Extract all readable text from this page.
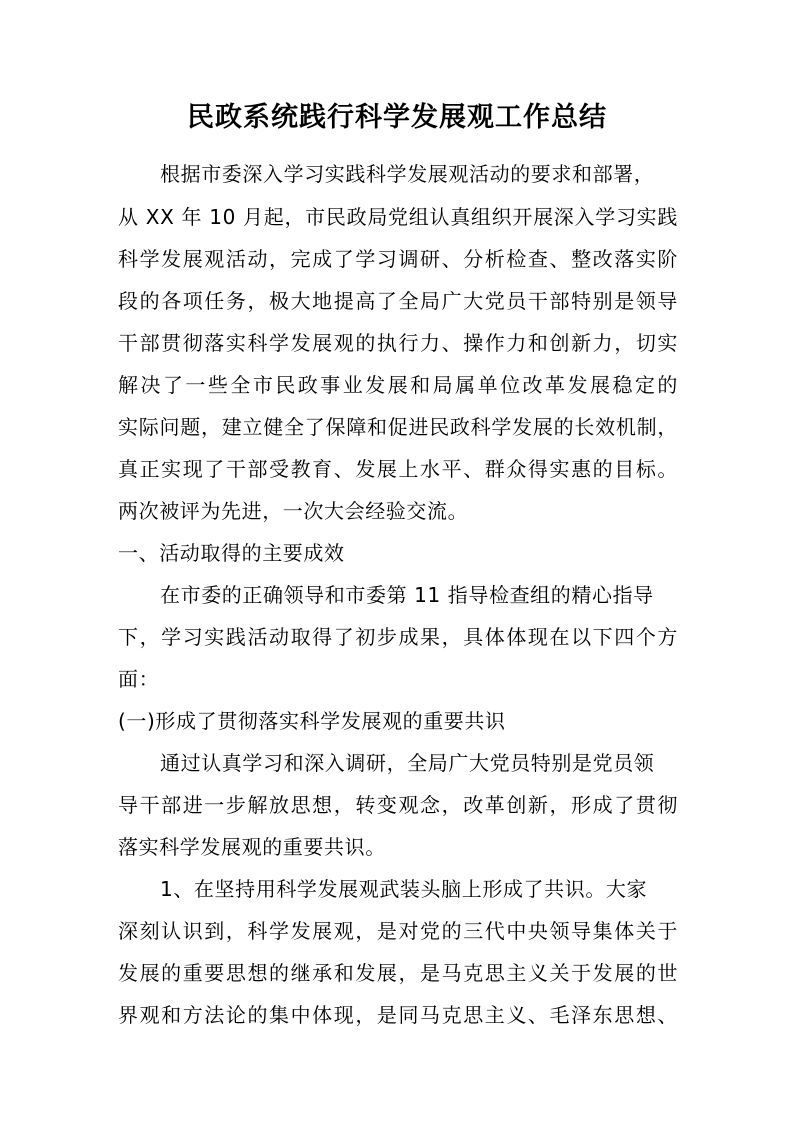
民政系统践行科学发展观工作总结
根据市委深入学习实践科学发展观活动的要求和部署，
从 XX 年 10 月起，市民政局党组认真组织开展深入学习实践
科学发展观活动，完成了学习调研、分析检查、整改落实阶
段的各项任务，极大地提高了全局广大党员干部特别是领导
干部贯彻落实科学发展观的执行力、操作力和创新力，切实
解决了一些全市民政事业发展和局属单位改革发展稳定的
实际问题，建立健全了保障和促进民政科学发展的长效机制，
真正实现了干部受教育、发展上水平、群众得实惠的目标。
两次被评为先进，一次大会经验交流。
一、活动取得的主要成效
在市委的正确领导和市委第 11 指导检查组的精心指导
下，学习实践活动取得了初步成果，具体体现在以下四个方
面：
(一)形成了贯彻落实科学发展观的重要共识
通过认真学习和深入调研，全局广大党员特别是党员领
导干部进一步解放思想，转变观念，改革创新，形成了贯彻
落实科学发展观的重要共识。
1、在坚持用科学发展观武装头脑上形成了共识。大家
深刻认识到，科学发展观，是对党的三代中央领导集体关于
发展的重要思想的继承和发展，是马克思主义关于发展的世
界观和方法论的集中体现，是同马克思主义、毛泽东思想、
